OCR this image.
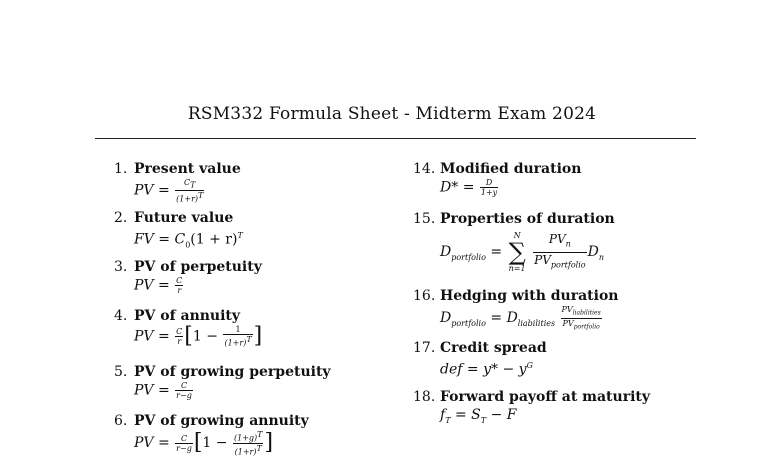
RSM332 Formula Sheet - Midterm Exam 2024
1. Present value
PV = $\frac{C_T}{(1+r)^T}$
2. Future value
FV = $C_0(1 + r)^T$
3. PV of perpetuity
PV = $\frac{C}{r}$
4. PV of annuity
PV = $\frac{C}{r} [1 - \frac{1}{(1+r)^T}$ ]
5. PV of growing perpetuity
PV = $\frac{C}{r-g}$
6. PV of growing annuity
PV = $\frac{C}{r-g} [1 - \frac{(1+g)^T}{(1+r)^T}$ ]
14. Modified duration
$D* = \frac{D}{1+y}$
15. Properties of duration
$D_{portfolio}$ =
N
∑
n=1
$\frac{PV_n}{PV_{portfolio}} D_n$
16. Hedging with duration
$D_{portfolio} = D_{liabilities} \frac{PV_{liabilities}}{PV_{portfolio}}$
17. Credit spread
def = $y* - y^G$
18. Forward payoff at maturity
$f_T = S_T - F$
